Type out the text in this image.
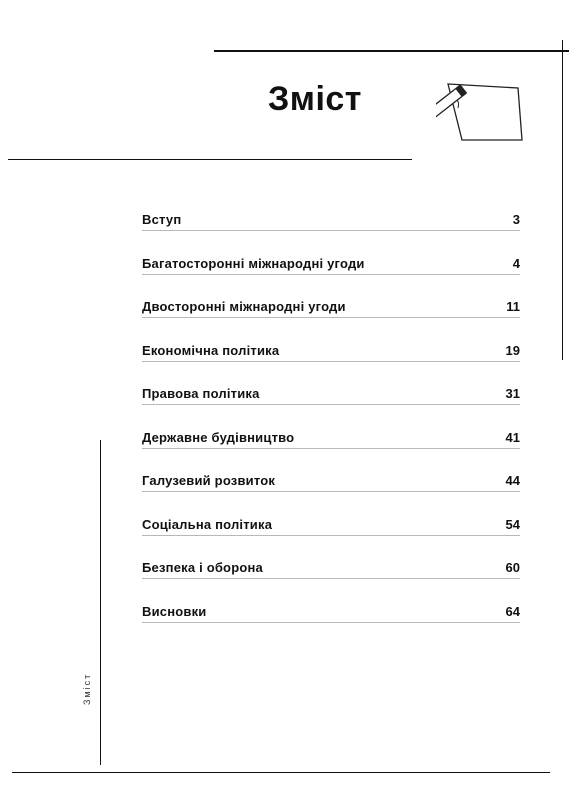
Зміст
Вступ	3
Багатосторонні міжнародні угоди	4
Двосторонні міжнародні угоди	11
Економічна політика	19
Правова політика	31
Державне будівництво	41
Галузевий розвиток	44
Соціальна політика	54
Безпека і оборона	60
Висновки	64
Зміст
